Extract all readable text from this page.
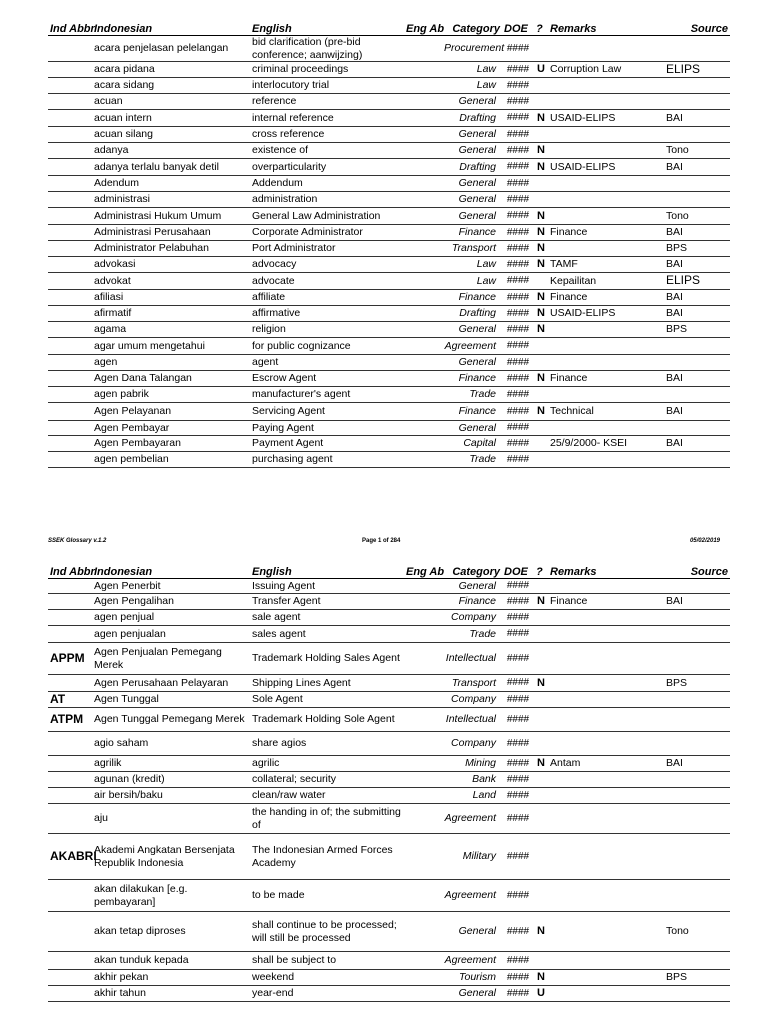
Ind Abbr	Indonesian	English	Eng Ab	Category	DOE	?	Remarks	Source
	acara penjelasan pelelangan	bid clarification (pre-bid conference; aanwijzing)		Procurement	####			
	acara pidana	criminal proceedings		Law	####	U	Corruption Law	ELIPS
	acara sidang	interlocutory trial		Law	####			
	acuan	reference		General	####			
	acuan intern	internal reference		Drafting	####	N	USAID-ELIPS	BAI
	acuan silang	cross reference		General	####			
	adanya	existence of		General	####	N		Tono
	adanya terlalu banyak detil	overparticularity		Drafting	####	N	USAID-ELIPS	BAI
	Adendum	Addendum		General	####			
	administrasi	administration		General	####			
	Administrasi Hukum Umum	General Law Administration		General	####	N		Tono
	Administrasi Perusahaan	Corporate Administrator		Finance	####	N	Finance	BAI
	Administrator Pelabuhan	Port Administrator		Transport	####	N		BPS
	advokasi	advocacy		Law	####	N	TAMF	BAI
	advokat	advocate		Law	####		Kepailitan	ELIPS
	afiliasi	affiliate		Finance	####	N	Finance	BAI
	afirmatif	affirmative		Drafting	####	N	USAID-ELIPS	BAI
	agama	religion		General	####	N		BPS
	agar umum mengetahui	for public cognizance		Agreement	####			
	agen	agent		General	####			
	Agen Dana Talangan	Escrow Agent		Finance	####	N	Finance	BAI
	agen pabrik	manufacturer's agent		Trade	####			
	Agen Pelayanan	Servicing Agent		Finance	####	N	Technical	BAI
	Agen Pembayar	Paying Agent		General	####			
	Agen Pembayaran	Payment Agent		Capital	####		25/9/2000- KSEI	BAI
	agen pembelian	purchasing agent		Trade	####			
SSEK Glossary v.1.2	Page 1 of 284	05/02/2019
Ind Abbr	Indonesian	English	Eng Ab	Category	DOE	?	Remarks	Source
	Agen Penerbit	Issuing Agent		General	####			
	Agen Pengalihan	Transfer Agent		Finance	####	N	Finance	BAI
	agen penjual	sale agent		Company	####			
	agen penjualan	sales agent		Trade	####			
APPM	Agen Penjualan Pemegang Merek	Trademark Holding Sales Agent		Intellectual	####			
	Agen Perusahaan Pelayaran	Shipping Lines Agent		Transport	####	N		BPS
AT	Agen Tunggal	Sole Agent		Company	####			
ATPM	Agen Tunggal Pemegang Merek	Trademark Holding Sole Agent		Intellectual	####			
	agio saham	share agios		Company	####			
	agrilik	agrilic		Mining	####	N	Antam	BAI
	agunan (kredit)	collateral; security		Bank	####			
	air bersih/baku	clean/raw water		Land	####			
	aju	the handing in of; the submitting of		Agreement	####			
AKABRI	Akademi Angkatan Bersenjata Republik Indonesia	The Indonesian Armed Forces Academy		Military	####			
	akan dilakukan [e.g. pembayaran]	to be made		Agreement	####			
	akan tetap diproses	shall continue to be processed; will still be processed		General	####	N		Tono
	akan tunduk kepada	shall be subject to		Agreement	####			
	akhir pekan	weekend		Tourism	####	N		BPS
	akhir tahun	year-end		General	####	U		
